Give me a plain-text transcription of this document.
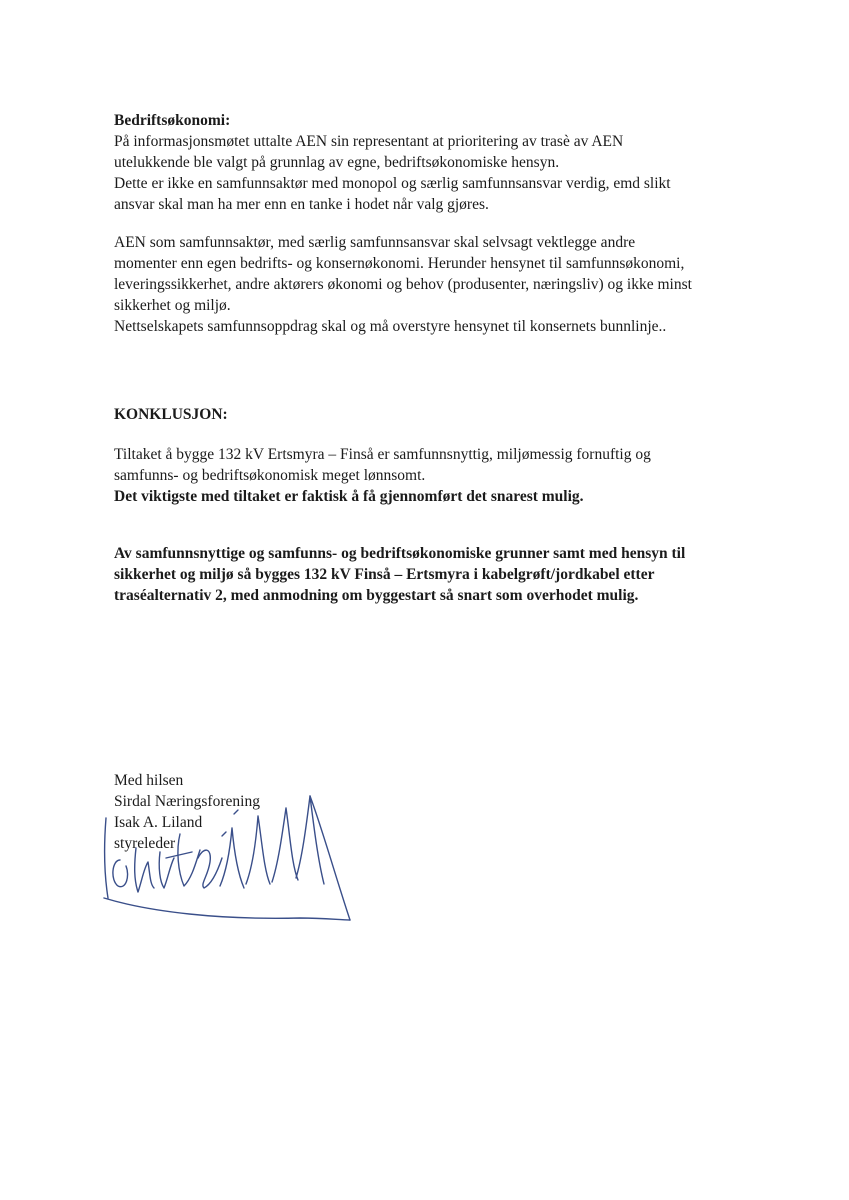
Bedriftsøkonomi:
På informasjonsmøtet uttalte AEN sin representant at prioritering av trasè av AEN
utelukkende ble valgt på grunnlag av egne, bedriftsøkonomiske hensyn.
Dette er ikke en samfunnsaktør med monopol og særlig samfunnsansvar verdig, emd slikt
ansvar skal man ha mer enn en tanke i hodet når valg gjøres.
AEN som samfunnsaktør, med særlig samfunnsansvar skal selvsagt vektlegge andre
momenter enn egen bedrifts- og konsernøkonomi. Herunder hensynet til samfunnsøkonomi,
leveringssikkerhet, andre aktørers økonomi og behov (produsenter, næringsliv) og ikke minst
sikkerhet og miljø.
Nettselskapets samfunnsoppdrag skal og må overstyre hensynet til konsernets bunnlinje..
KONKLUSJON:
Tiltaket å bygge 132 kV Ertsmyra – Finså er samfunnsnyttig, miljømessig fornuftig og
samfunns- og bedriftsøkonomisk meget lønnsomt.
Det viktigste med tiltaket er faktisk å få gjennomført det snarest mulig.
Av samfunnsnyttige og samfunns- og bedriftsøkonomiske grunner samt med hensyn til
sikkerhet og miljø så bygges 132 kV Finså – Ertsmyra i kabelgrøft/jordkabel etter
traséalternativ 2, med anmodning om byggestart så snart som overhodet mulig.
Med hilsen
Sirdal Næringsforening
Isak A. Liland
styreleder
